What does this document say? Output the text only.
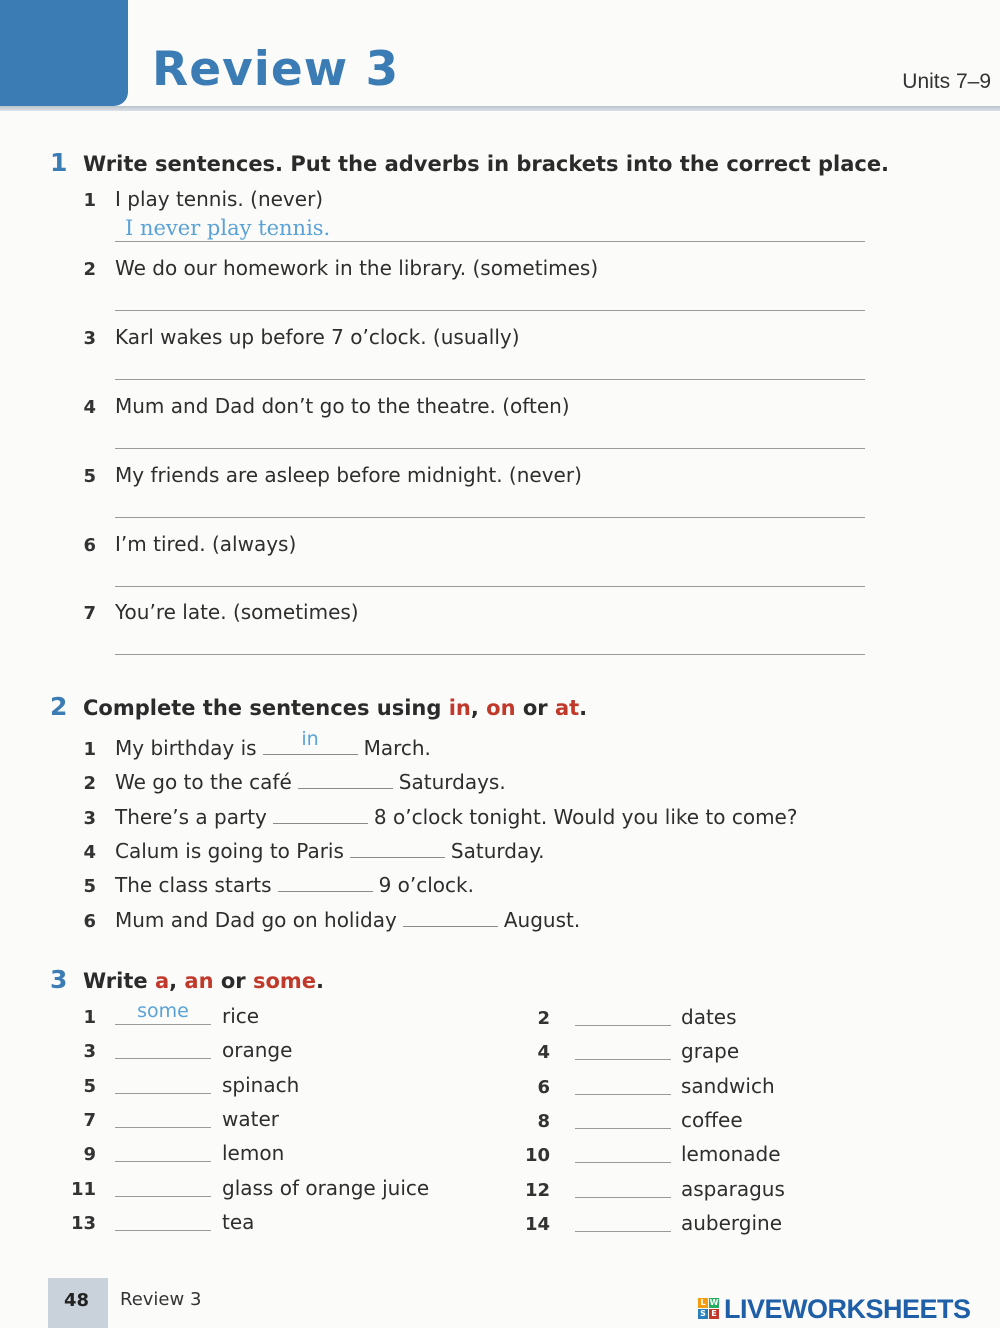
Review 3	Units 7–9
1 Write sentences. Put the adverbs in brackets into the correct place.
1 I play tennis. (never)
I never play tennis.
2 We do our homework in the library. (sometimes)
3 Karl wakes up before 7 o’clock. (usually)
4 Mum and Dad don’t go to the theatre. (often)
5 My friends are asleep before midnight. (never)
6 I’m tired. (always)
7 You’re late. (sometimes)
2 Complete the sentences using in, on or at.
1 My birthday is	in	March.
2 We go to the café	Saturdays.
3 There’s a party	8 o’clock tonight. Would you like to come?
4 Calum is going to Paris	Saturday.
5 The class starts	9 o’clock.
6 Mum and Dad go on holiday	August.
3 Write a, an or some.
1	some	rice
3	orange
5	spinach
7	water
9	lemon
11	glass of orange juice
13	tea
2	dates
4	grape
6	sandwich
8	coffee
10	lemonade
12	asparagus
14	aubergine
48 Review 3	L W
S E LIVEWORKSHEETS
